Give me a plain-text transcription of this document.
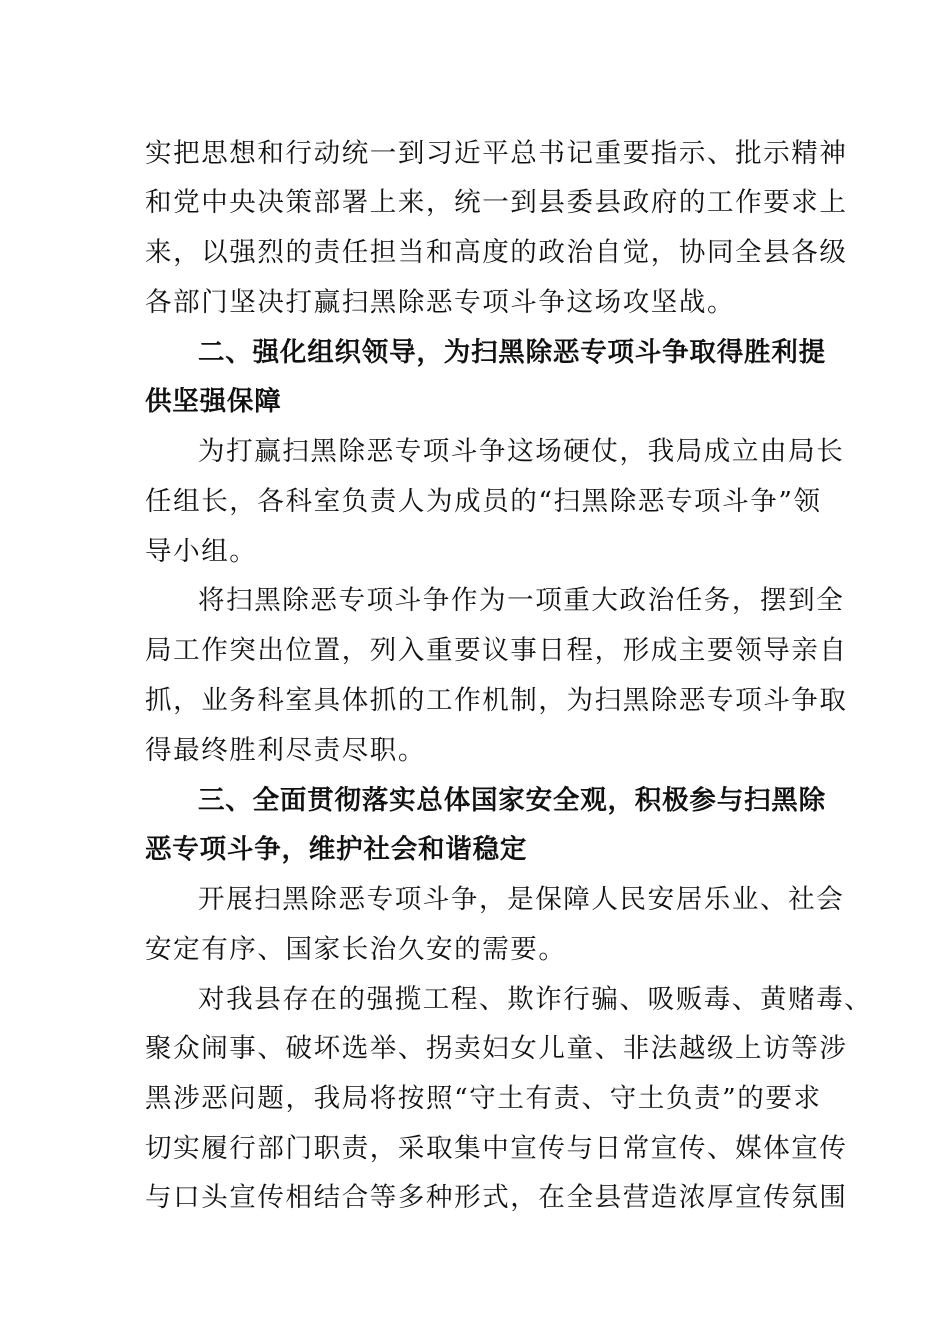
实把思想和行动统一到习近平总书记重要指示、批示精神
和党中央决策部署上来，统一到县委县政府的工作要求上
来，以强烈的责任担当和高度的政治自觉，协同全县各级
各部门坚决打赢扫黑除恶专项斗争这场攻坚战。
二、强化组织领导，为扫黑除恶专项斗争取得胜利提
供坚强保障
为打赢扫黑除恶专项斗争这场硬仗，我局成立由局长
任组长，各科室负责人为成员的“扫黑除恶专项斗争”领
导小组。
将扫黑除恶专项斗争作为一项重大政治任务，摆到全
局工作突出位置，列入重要议事日程，形成主要领导亲自
抓，业务科室具体抓的工作机制，为扫黑除恶专项斗争取
得最终胜利尽责尽职。
三、全面贯彻落实总体国家安全观，积极参与扫黑除
恶专项斗争，维护社会和谐稳定
开展扫黑除恶专项斗争，是保障人民安居乐业、社会
安定有序、国家长治久安的需要。
对我县存在的强揽工程、欺诈行骗、吸贩毒、黄赌毒、
聚众闹事、破坏选举、拐卖妇女儿童、非法越级上访等涉
黑涉恶问题，我局将按照“守土有责、守土负责”的要求
切实履行部门职责，采取集中宣传与日常宣传、媒体宣传
与口头宣传相结合等多种形式，在全县营造浓厚宣传氛围
